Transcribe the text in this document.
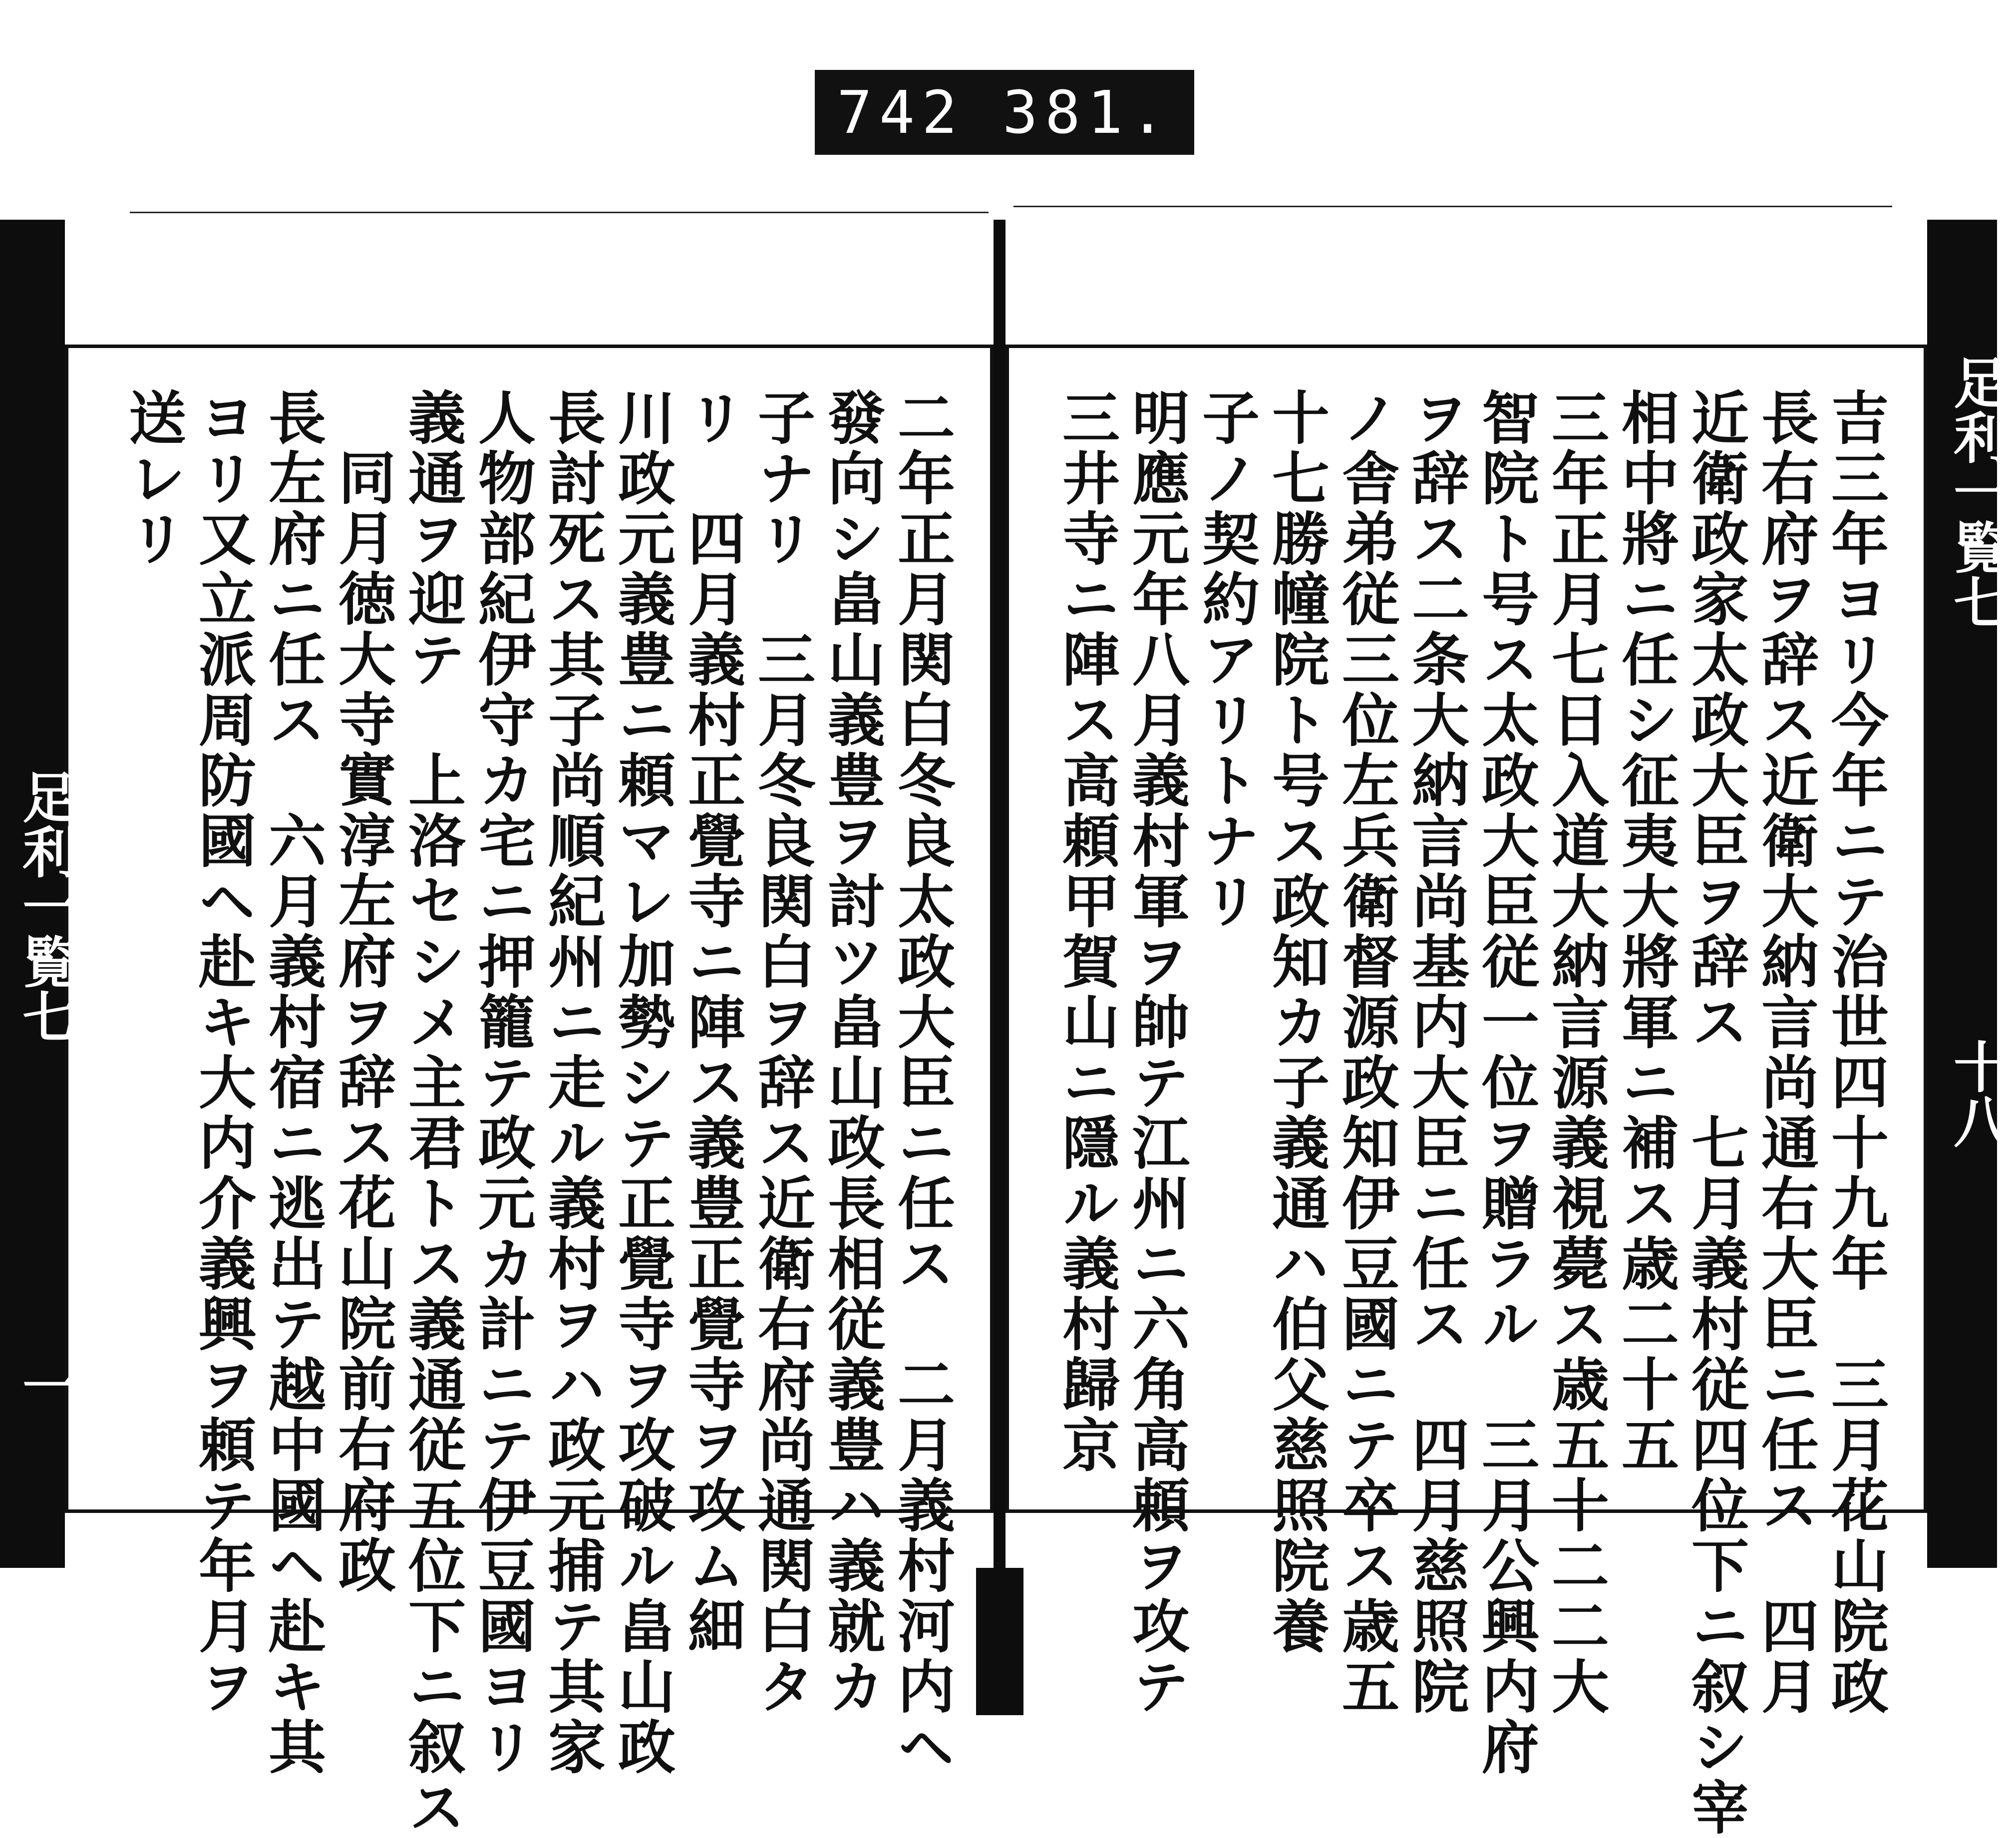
742 381.
吉三年ヨリ今年ニテ治世四十九年　三月花山院政
長右府ヲ辞ス近衛大納言尚通右大臣ニ任ス　四月
近衛政家太政大臣ヲ辞ス　七月義村従四位下ニ叙シ宰
相中將ニ任シ征夷大將軍ニ補ス歳二十五
三年正月七日入道大納言源義視薨ス歳五十二二大
智院ト号ス太政大臣従一位ヲ贈ラル　三月公興内府
ヲ辞ス二条大納言尚基内大臣ニ任ス　四月慈照院
ノ舎弟従三位左兵衛督源政知伊豆國ニテ卒ス歳五
十七勝幢院ト号ス政知カ子義通ハ伯父慈照院養
子ノ契約アリトナリ
明應元年八月義村軍ヲ帥テ江州ニ六角高頼ヲ攻テ
三井寺ニ陣ス高頼甲賀山ニ隱ル義村歸京	足利一覧七
十八
二年正月関白冬良太政大臣ニ任ス　二月義村河内ヘ
發向シ畠山義豊ヲ討ツ畠山政長相従義豊ハ義就カ
子ナリ　三月冬良関白ヲ辞ス近衛右府尚通関白タ
リ　四月義村正覺寺ニ陣ス義豊正覺寺ヲ攻ム細
川政元義豊ニ頼マレ加勢シテ正覺寺ヲ攻破ル畠山政
長討死ス其子尚順紀州ニ走ル義村ヲハ政元捕テ其家
人物部紀伊守カ宅ニ押籠テ政元カ計ニテ伊豆國ヨリ
義通ヲ迎テ　上洛セシメ主君トス義通従五位下ニ叙ス
同月徳大寺實淳左府ヲ辞ス花山院前右府政
長左府ニ任ス　六月義村宿ニ逃出テ越中國ヘ赴キ其
ヨリ又立派周防國ヘ赴キ大内介義興ヲ頼テ年月ヲ
送レリ
足利一覧七
一
